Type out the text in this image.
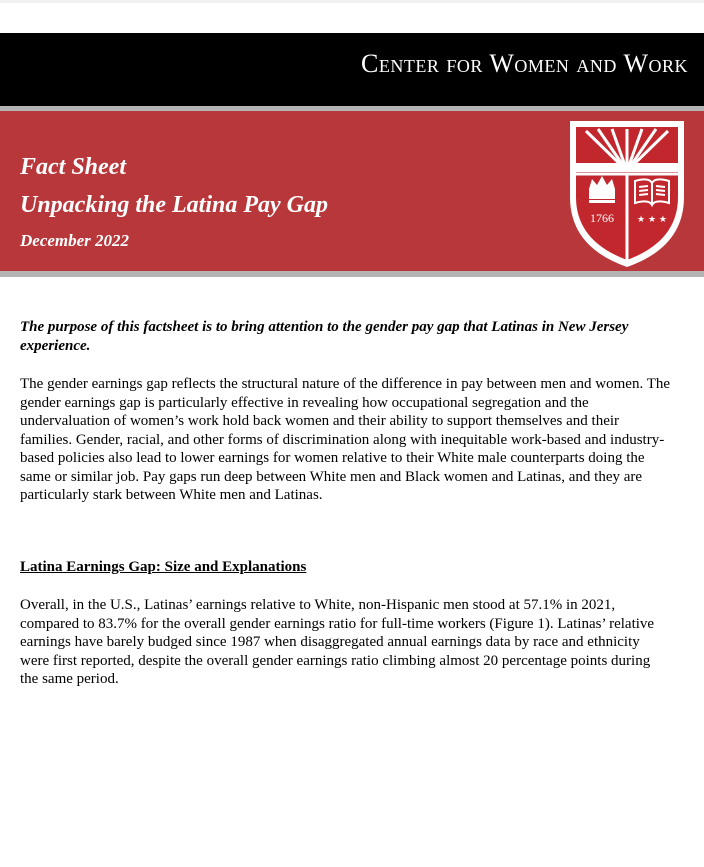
Center for Women and Work
Fact Sheet
Unpacking the Latina Pay Gap
December 2022
1766	★ ★ ★

The purpose of this factsheet is to bring attention to the gender pay gap that Latinas in New Jersey experience.

The gender earnings gap reflects the structural nature of the difference in pay between men and women. The gender earnings gap is particularly effective in revealing how occupational segregation and the undervaluation of women’s work hold back women and their ability to support themselves and their families. Gender, racial, and other forms of discrimination along with inequitable work-based and industry-based policies also lead to lower earnings for women relative to their White male counterparts doing the same or similar job. Pay gaps run deep between White men and Black women and Latinas, and they are particularly stark between White men and Latinas.

Latina Earnings Gap: Size and Explanations

Overall, in the U.S., Latinas’ earnings relative to White, non-Hispanic men stood at 57.1% in 2021, compared to 83.7% for the overall gender earnings ratio for full-time workers (Figure 1). Latinas’ relative earnings have barely budged since 1987 when disaggregated annual earnings data by race and ethnicity were first reported, despite the overall gender earnings ratio climbing almost 20 percentage points during the same period.
